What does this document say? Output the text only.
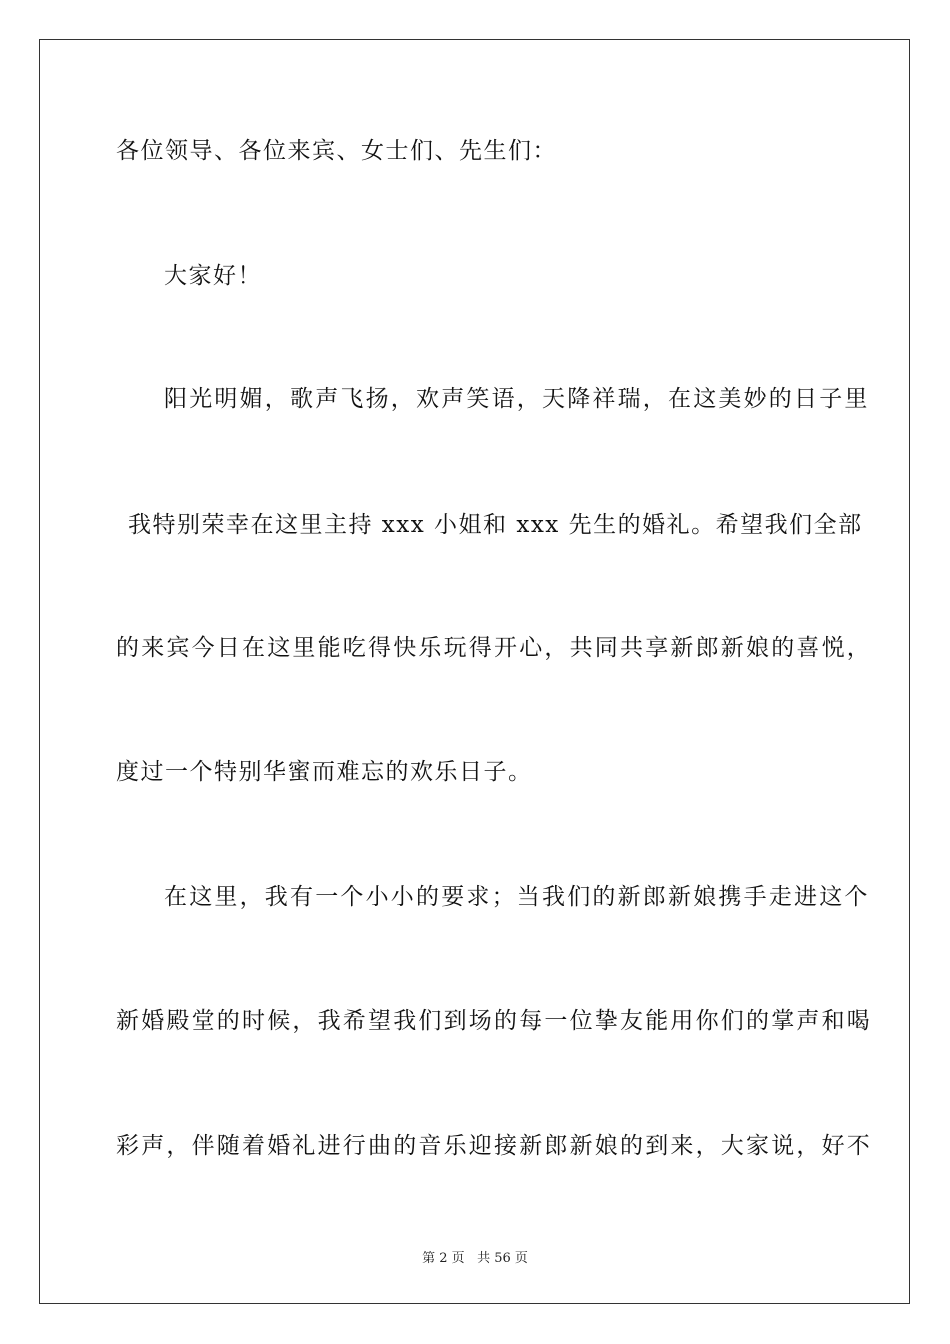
各位领导、各位来宾、女士们、先生们：
大家好！
阳光明媚，歌声飞扬，欢声笑语，天降祥瑞，在这美妙的日子里
我特别荣幸在这里主持 xxx 小姐和 xxx 先生的婚礼。希望我们全部
的来宾今日在这里能吃得快乐玩得开心，共同共享新郎新娘的喜悦，
度过一个特别华蜜而难忘的欢乐日子。
在这里，我有一个小小的要求；当我们的新郎新娘携手走进这个
新婚殿堂的时候，我希望我们到场的每一位挚友能用你们的掌声和喝
彩声，伴随着婚礼进行曲的音乐迎接新郎新娘的到来，大家说，好不
第 2 页 共 56 页
